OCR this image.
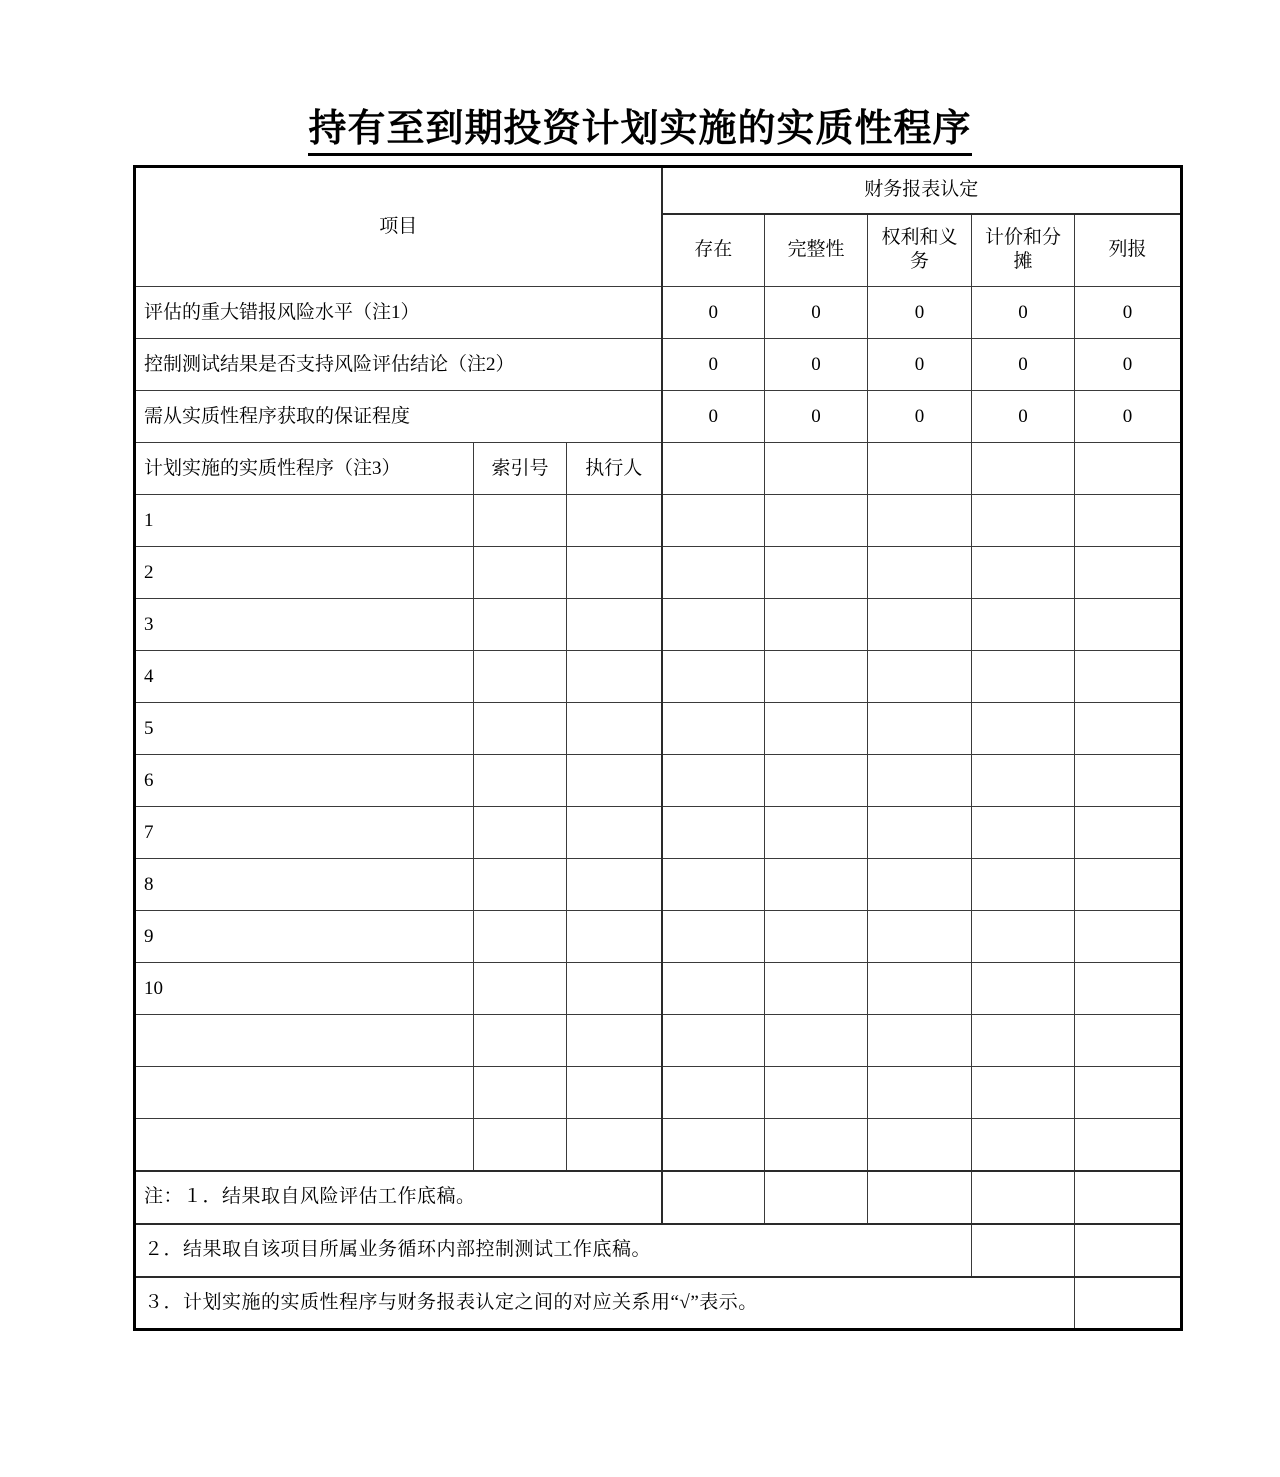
持有至到期投资计划实施的实质性程序
项目			财务报表认定				
			存在	完整性	权利和义务	计价和分摊	列报
评估的重大错报风险水平（注1）			0	0	0	0	0
控制测试结果是否支持风险评估结论（注2）			0	0	0	0	0
需从实质性程序获取的保证程度			0	0	0	0	0
计划实施的实质性程序（注3）	索引号	执行人					
1							
2							
3							
4							
5							
6							
7							
8							
9							
10							

注：１．结果取自风险评估工作底稿。							
２．结果取自该项目所属业务循环内部控制测试工作底稿。							
３．计划实施的实质性程序与财务报表认定之间的对应关系用“√”表示。							
